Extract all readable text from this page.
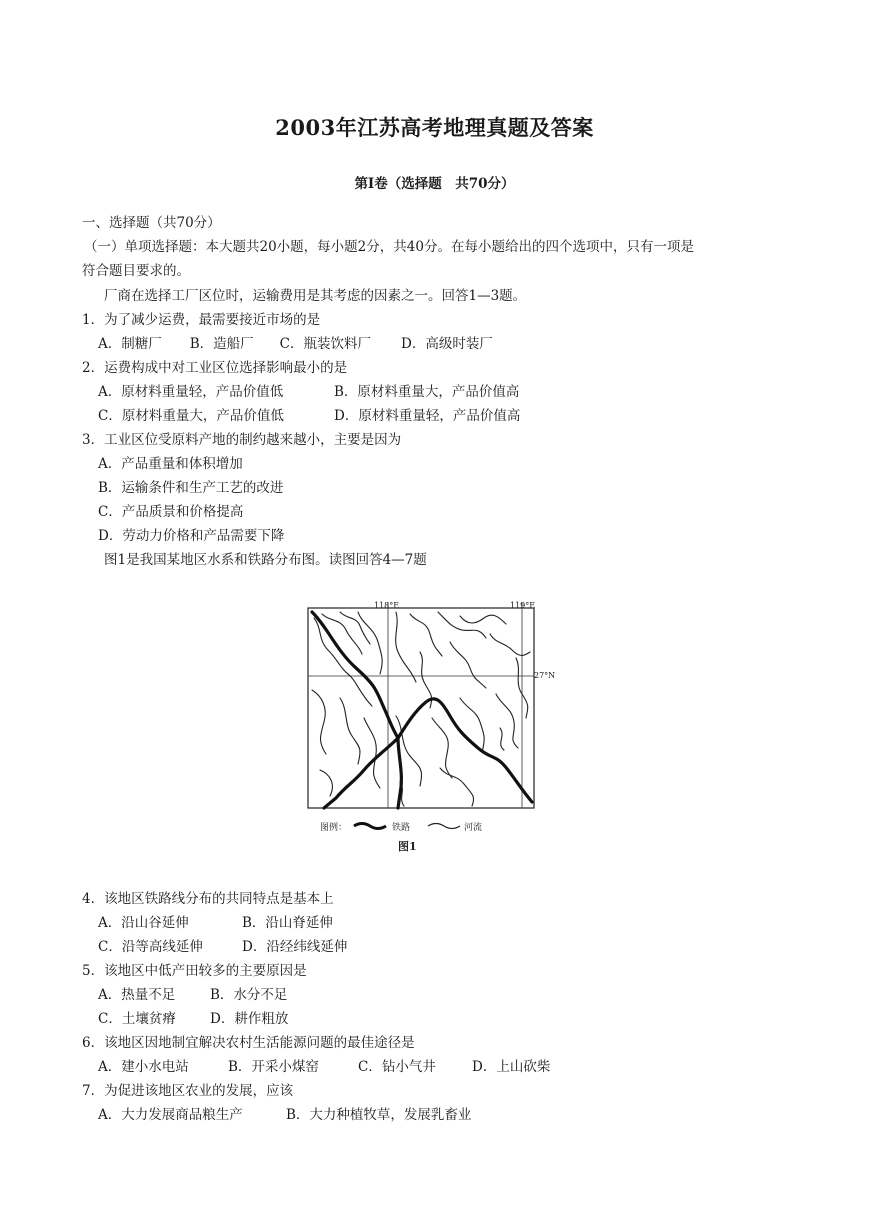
2003年江苏高考地理真题及答案
第Ⅰ卷（选择题　共70分）
一、选择题（共70分）
（一）单项选择题：本大题共20小题，每小题2分，共40分。在每小题给出的四个选项中，只有一项是
符合题目要求的。
厂商在选择工厂区位时，运输费用是其考虑的因素之一。回答1—3题。
1．为了减少运费，最需要接近市场的是
A．制糖厂 B．造船厂 C．瓶装饮料厂 D．高级时装厂
2．运费构成中对工业区位选择影响最小的是
A．原材料重量轻，产品价值低	B．原材料重量大，产品价值高
C．原材料重量大，产品价值低	D．原材料重量轻，产品价值高
3．工业区位受原料产地的制约越来越小，主要是因为
A．产品重量和体积增加
B．运输条件和生产工艺的改进
C．产品质景和价格提高
D．劳动力价格和产品需要下降
图1是我国某地区水系和铁路分布图。读图回答4—7题
118°E	119°E
27°N
图例：	铁路	河流
图1
4．该地区铁路线分布的共同特点是基本上
A．沿山谷延伸	B．沿山脊延伸
C．沿等高线延伸	D．沿经纬线延伸
5．该地区中低产田较多的主要原因是
A．热量不足	B．水分不足
C．土壤贫瘠	D．耕作粗放
6．该地区因地制宜解决农村生活能源问题的最佳途径是
A．建小水电站	B．开采小煤窑	C．钻小气井	D．上山砍柴
7．为促进该地区农业的发展，应该
A．大力发展商品粮生产	B．大力种植牧草，发展乳畜业
